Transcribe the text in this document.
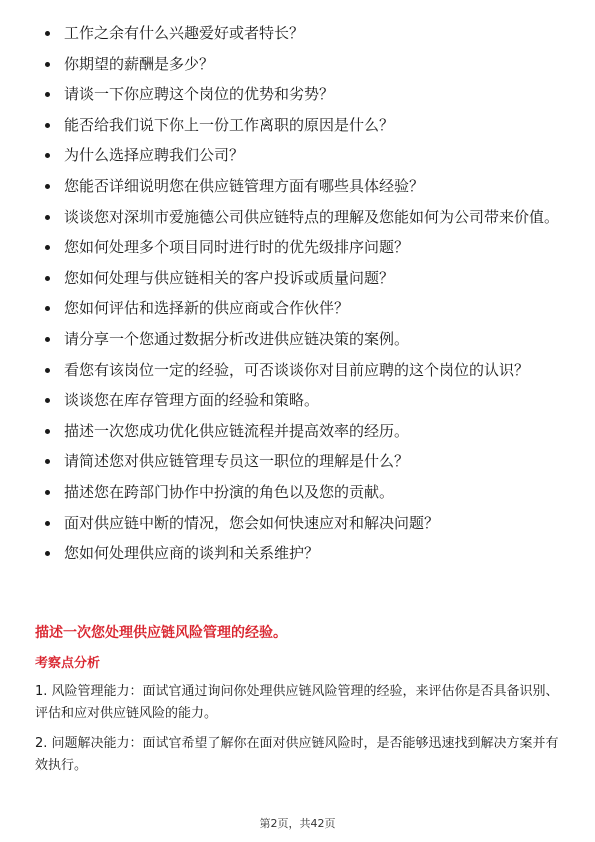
工作之余有什么兴趣爱好或者特长？
你期望的薪酬是多少？
请谈一下你应聘这个岗位的优势和劣势？
能否给我们说下你上一份工作离职的原因是什么？
为什么选择应聘我们公司？
您能否详细说明您在供应链管理方面有哪些具体经验？
谈谈您对深圳市爱施德公司供应链特点的理解及您能如何为公司带来价值。
您如何处理多个项目同时进行时的优先级排序问题？
您如何处理与供应链相关的客户投诉或质量问题？
您如何评估和选择新的供应商或合作伙伴？
请分享一个您通过数据分析改进供应链决策的案例。
看您有该岗位一定的经验，可否谈谈你对目前应聘的这个岗位的认识？
谈谈您在库存管理方面的经验和策略。
描述一次您成功优化供应链流程并提高效率的经历。
请简述您对供应链管理专员这一职位的理解是什么？
描述您在跨部门协作中扮演的角色以及您的贡献。
面对供应链中断的情况，您会如何快速应对和解决问题？
您如何处理供应商的谈判和关系维护？
描述一次您处理供应链风险管理的经验。
考察点分析

1. 风险管理能力：面试官通过询问你处理供应链风险管理的经验，来评估你是否具备识别、评估和应对供应链风险的能力。

2. 问题解决能力：面试官希望了解你在面对供应链风险时，是否能够迅速找到解决方案并有效执行。

第2页，共42页
